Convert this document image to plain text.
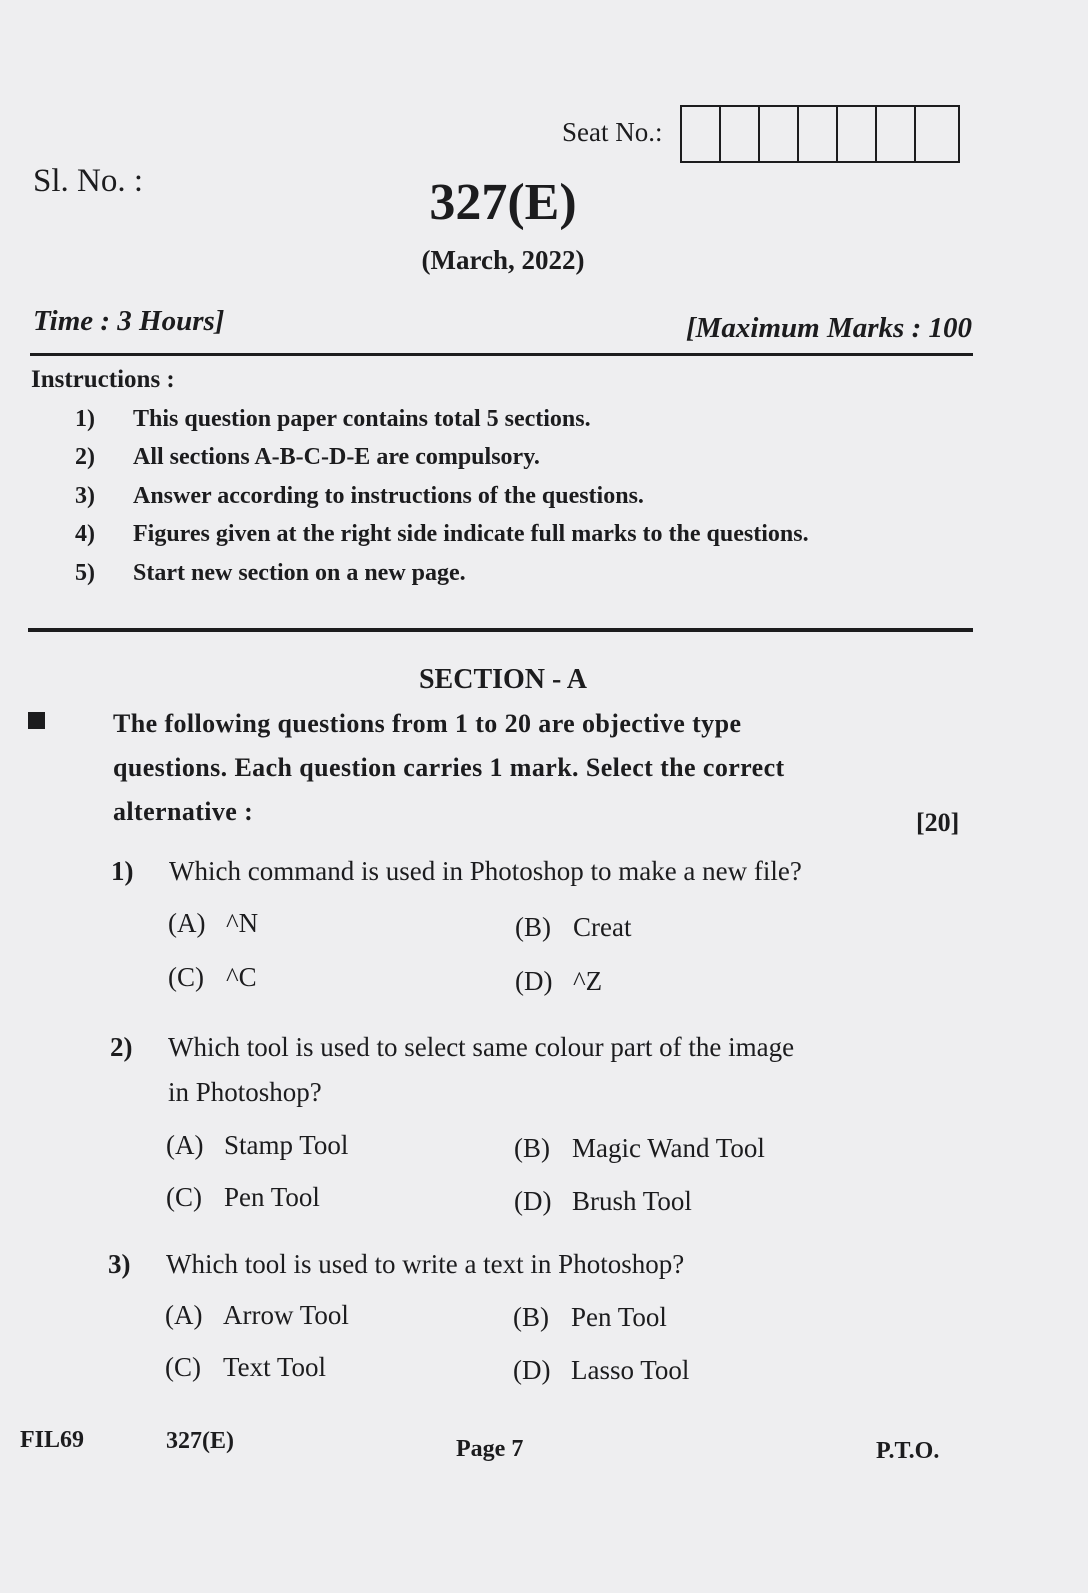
Seat No.:
Sl. No. :	327(E)
(March, 2022)
Time : 3 Hours]	[Maximum Marks : 100
Instructions :
1)	This question paper contains total 5 sections.
2)	All sections A-B-C-D-E are compulsory.
3)	Answer according to instructions of the questions.
4)	Figures given at the right side indicate full marks to the questions.
5)	Start new section on a new page.
SECTION - A
The following questions from 1 to 20 are objective type questions. Each question carries 1 mark. Select the correct alternative :	[20]
1) Which command is used in Photoshop to make a new file?
(A) ^N	(B) Creat
(C) ^C	(D) ^Z
2) Which tool is used to select same colour part of the image
in Photoshop?
(A) Stamp Tool	(B) Magic Wand Tool
(C) Pen Tool	(D) Brush Tool
3) Which tool is used to write a text in Photoshop?
(A) Arrow Tool	(B) Pen Tool
(C) Text Tool	(D) Lasso Tool
FIL69	327(E)	Page 7	P.T.O.
